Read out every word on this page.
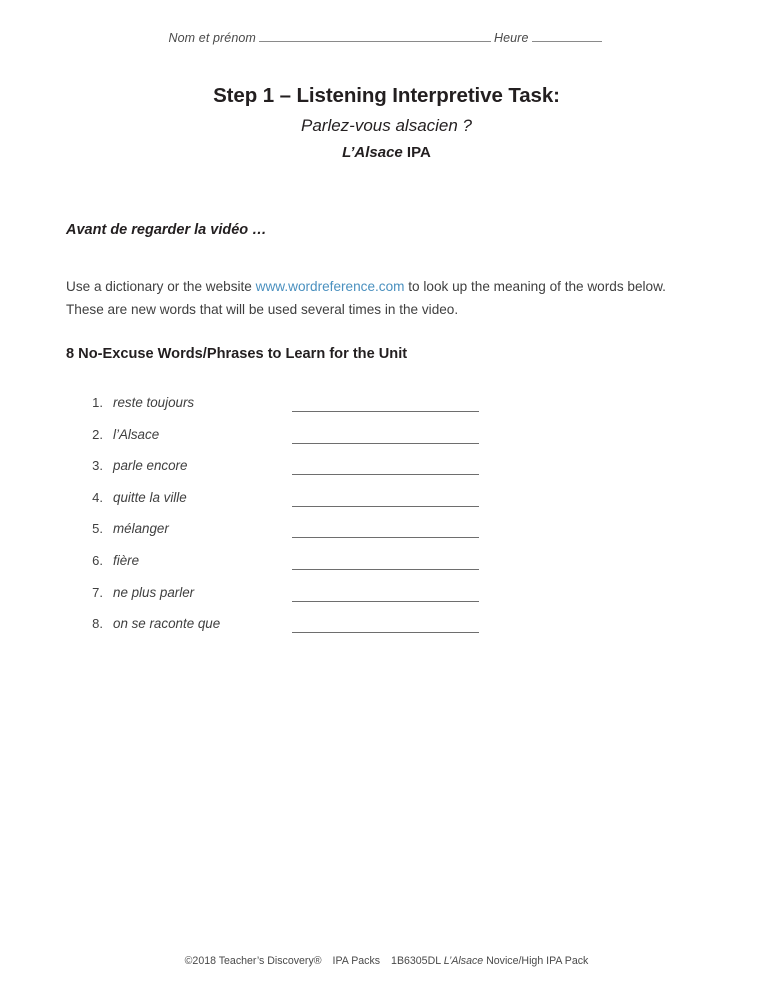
Nom et prénom	Heure
Step 1 – Listening Interpretive Task:
Parlez-vous alsacien ?
L’Alsace IPA
Avant de regarder la vidéo …
Use a dictionary or the website www.wordreference.com to look up the meaning of the words below. These are new words that will be used several times in the video.
8 No-Excuse Words/Phrases to Learn for the Unit
1. reste toujours
2. l’Alsace
3. parle encore
4. quitte la ville
5. mélanger
6. fière
7. ne plus parler
8. on se raconte que
©2018 Teacher’s Discovery® IPA Packs 1B6305DL L’Alsace Novice/High IPA Pack
